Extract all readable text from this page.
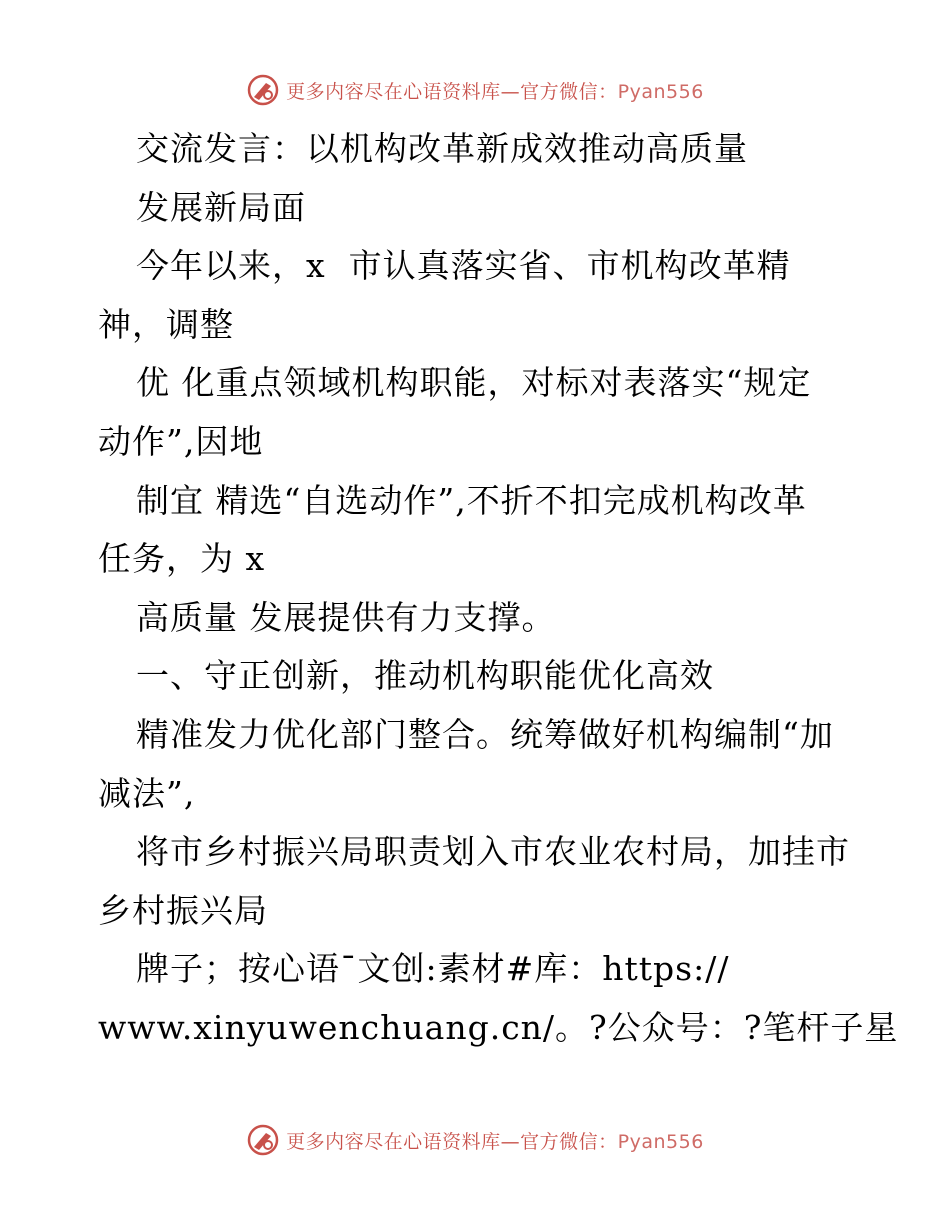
更多内容尽在心语资料库—官方微信：Pyan556
交流发言：以机构改革新成效推动高质量
发展新局面
今年以来，x  市认真落实省、市机构改革精
神，调整
优 化重点领域机构职能，对标对表落实“规定
动作”,因地
制宜 精选“自选动作”,不折不扣完成机构改革
任务，为 x
高质量 发展提供有力支撑。
一、守正创新，推动机构职能优化高效
精准发力优化部门整合。统筹做好机构编制“加
减法”,
将市乡村振兴局职责划入市农业农村局，加挂市
乡村振兴局
牌子；按心语¯文创:素材#库：https://
www.xinyuwenchuang.cn/。?公众号：?笔杆子星
更多内容尽在心语资料库—官方微信：Pyan556
